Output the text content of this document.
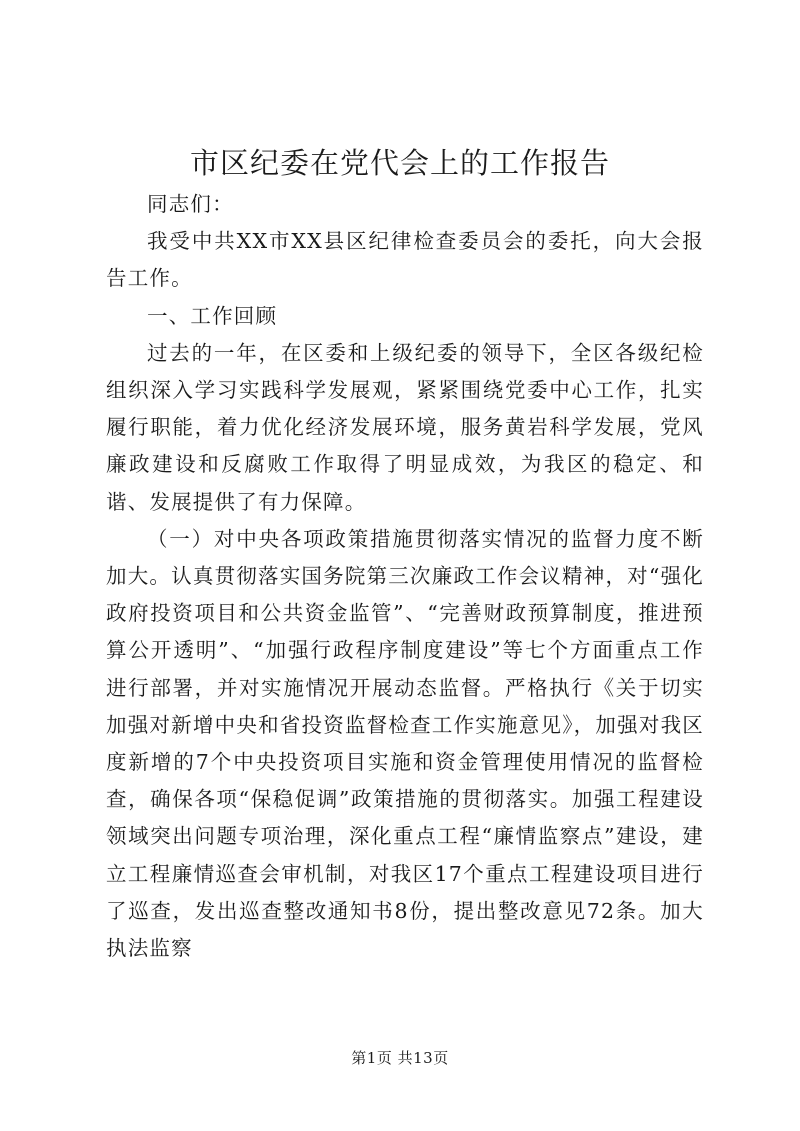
市区纪委在党代会上的工作报告

同志们：

我受中共XX市XX县区纪律检查委员会的委托，向大会报告工作。

一、工作回顾

过去的一年，在区委和上级纪委的领导下，全区各级纪检组织深入学习实践科学发展观，紧紧围绕党委中心工作，扎实履行职能，着力优化经济发展环境，服务黄岩科学发展，党风廉政建设和反腐败工作取得了明显成效，为我区的稳定、和谐、发展提供了有力保障。

（一）对中央各项政策措施贯彻落实情况的监督力度不断加大。认真贯彻落实国务院第三次廉政工作会议精神，对“强化政府投资项目和公共资金监管”、“完善财政预算制度，推进预算公开透明”、“加强行政程序制度建设”等七个方面重点工作进行部署，并对实施情况开展动态监督。严格执行《关于切实加强对新增中央和省投资监督检查工作实施意见》，加强对我区度新增的7个中央投资项目实施和资金管理使用情况的监督检查，确保各项“保稳促调”政策措施的贯彻落实。加强工程建设领域突出问题专项治理，深化重点工程“廉情监察点”建设，建立工程廉情巡查会审机制，对我区17个重点工程建设项目进行了巡查，发出巡查整改通知书8份，提出整改意见72条。加大执法监察

第1页 共13页
